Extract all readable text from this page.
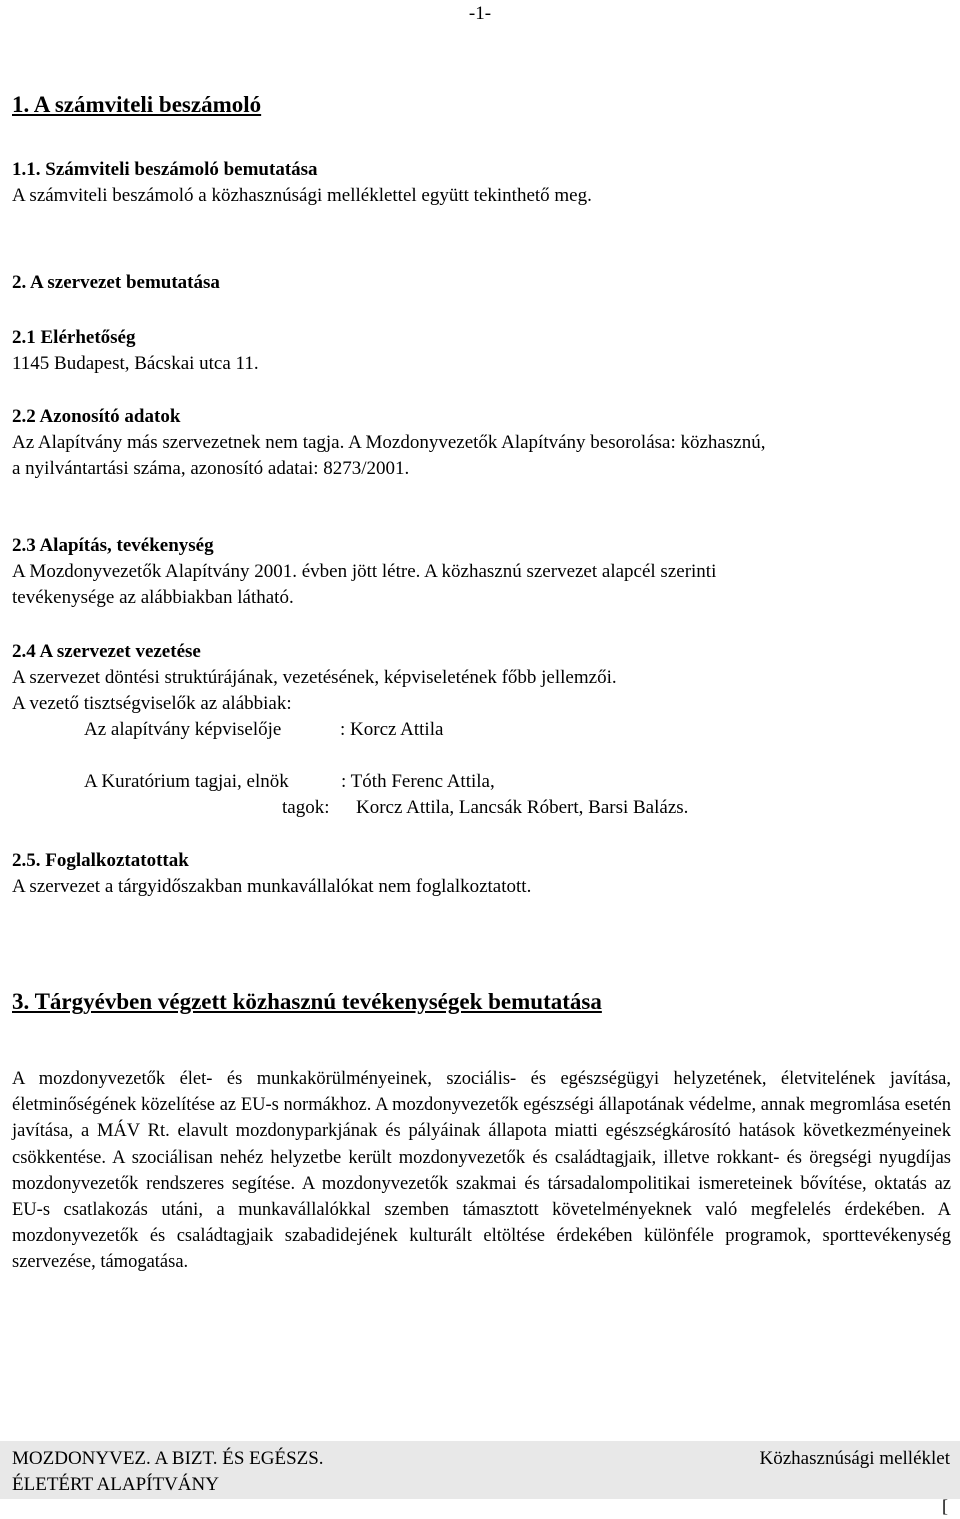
-1-
1. A számviteli beszámoló
1.1. Számviteli beszámoló bemutatása
A számviteli beszámoló a közhasznúsági melléklettel együtt tekinthető meg.
2. A szervezet bemutatása
2.1 Elérhetőség
1145 Budapest, Bácskai utca 11.
2.2 Azonosító adatok
Az Alapítvány más szervezetnek nem tagja. A Mozdonyvezetők Alapítvány besorolása: közhasznú,
a nyilvántartási száma, azonosító adatai: 8273/2001.
2.3 Alapítás, tevékenység
A Mozdonyvezetők Alapítvány 2001. évben jött létre. A közhasznú szervezet alapcél szerinti
tevékenysége az alábbiakban látható.
2.4 A szervezet vezetése
A szervezet döntési struktúrájának, vezetésének, képviseletének főbb jellemzői.
A vezető tisztségviselők az alábbiak:
Az alapítvány képviselője	: Korcz Attila
A Kuratórium tagjai, elnök	: Tóth Ferenc Attila,
tagok: Korcz Attila, Lancsák Róbert, Barsi Balázs.
2.5. Foglalkoztatottak
A szervezet a tárgyidőszakban munkavállalókat nem foglalkoztatott.
3. Tárgyévben végzett közhasznú tevékenységek bemutatása
A mozdonyvezetők élet- és munkakörülményeinek, szociális- és egészségügyi helyzetének, életvitelének javítása, életminőségének közelítése az EU-s normákhoz. A mozdonyvezetők egészségi állapotának védelme, annak megromlása esetén javítása, a MÁV Rt. elavult mozdonyparkjának és pályáinak állapota miatti egészségkárosító hatások következményeinek csökkentése. A szociálisan nehéz helyzetbe került mozdonyvezetők és családtagjaik, illetve rokkant- és öregségi nyugdíjas mozdonyvezetők rendszeres segítése. A mozdonyvezetők szakmai és társadalompolitikai ismereteinek bővítése, oktatás az EU-s csatlakozás utáni, a munkavállalókkal szemben támasztott követelményeknek való megfelelés érdekében. A mozdonyvezetők és családtagjaik szabadidejének kulturált eltöltése érdekében különféle programok, sporttevékenység szervezése, támogatása.
MOZDONYVEZ. A BIZT. ÉS EGÉSZS.
ÉLETÉRT ALAPÍTVÁNY
Közhasznúsági melléklet
[
